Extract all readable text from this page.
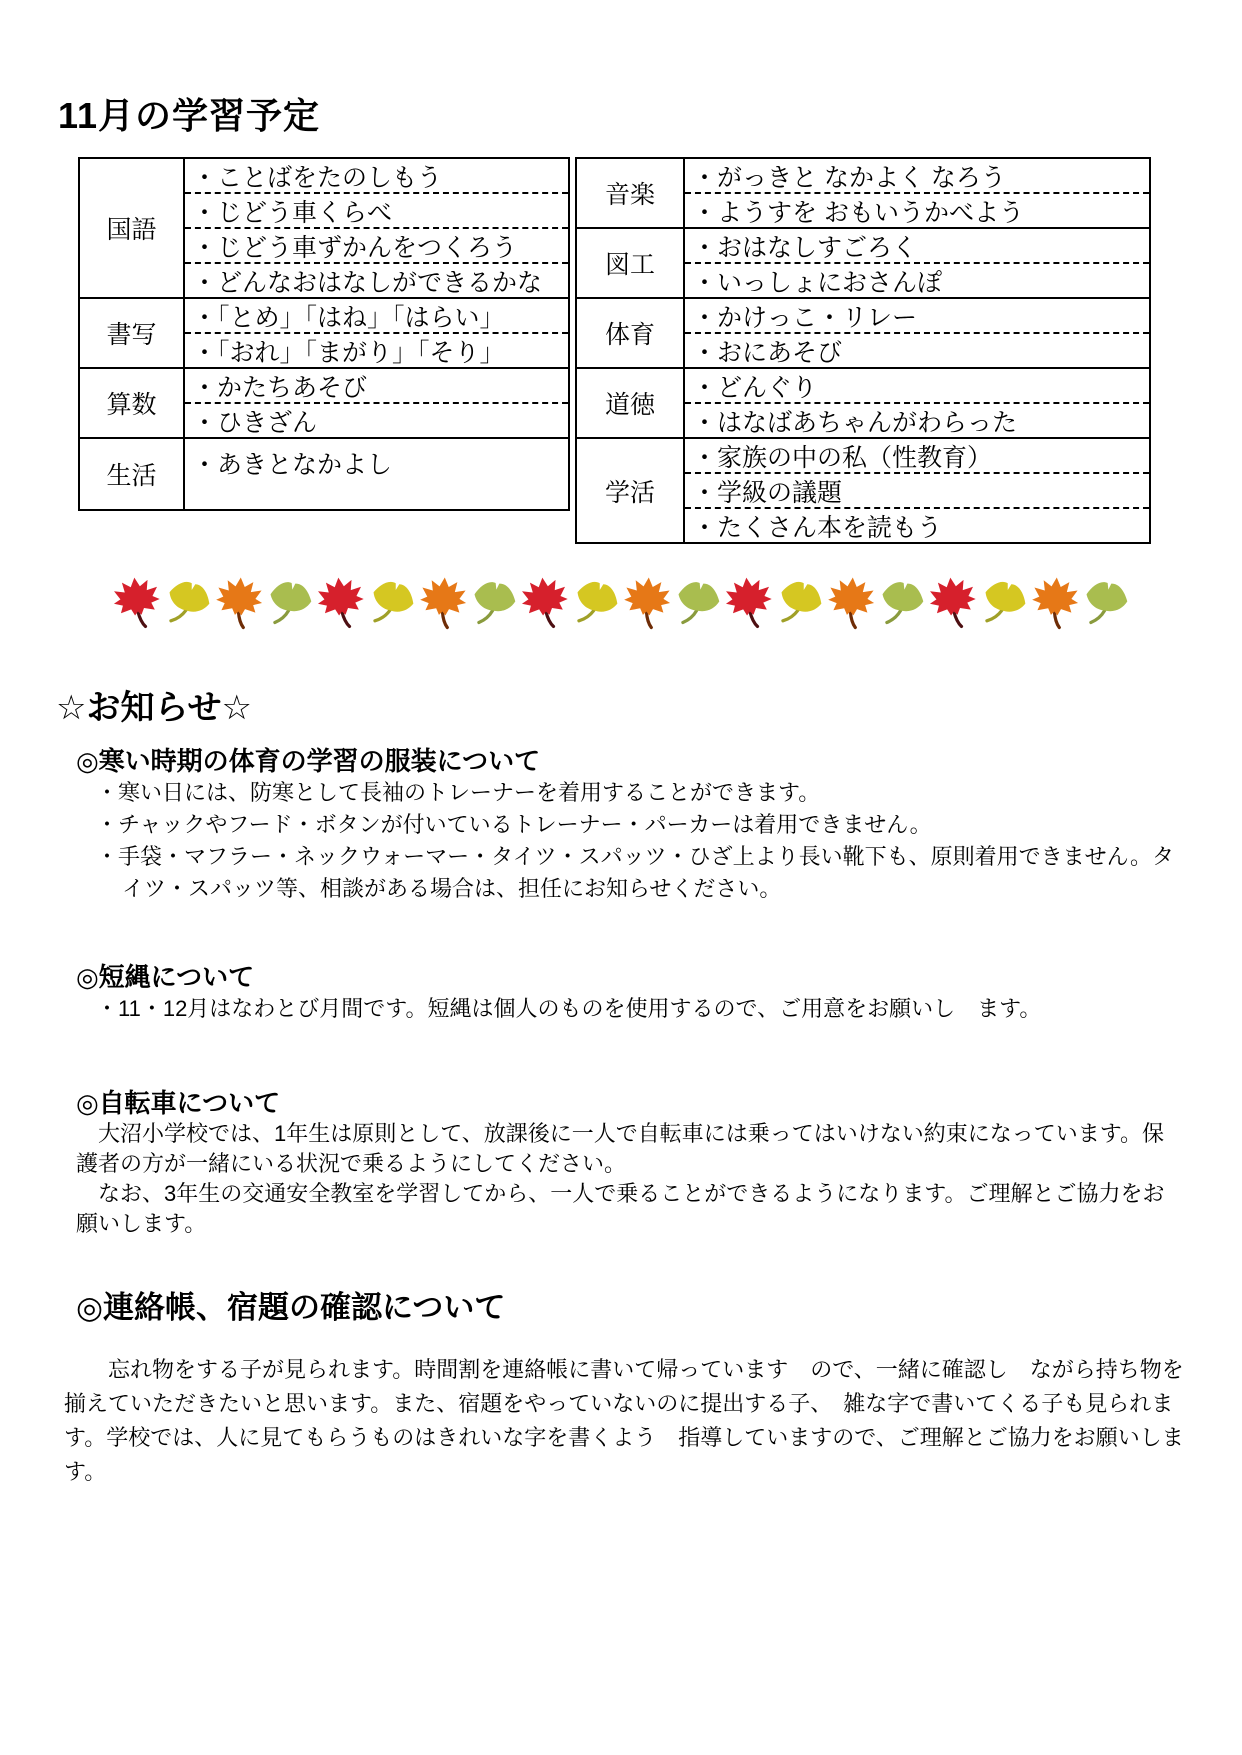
11月の学習予定
国語	・ことばをたのしもう
・じどう車くらべ
・じどう車ずかんをつくろう
・どんなおはなしができるかな

書写	・「とめ」「はね」「はらい」
・「おれ」「まがり」「そり」

算数	・かたちあそび
・ひきざん

生活	・あきとなかよし
音楽	・がっきと なかよく なろう
・ようすを おもいうかべよう

図工	・おはなしすごろく
・いっしょにおさんぽ

体育	・かけっこ・リレー
・おにあそび

道徳	・どんぐり
・はなばあちゃんがわらった

学活	・家族の中の私（性教育）
・学級の議題
・たくさん本を読もう
☆お知らせ☆
◎寒い時期の体育の学習の服装について

・寒い日には、防寒として長袖のトレーナーを着用することができます。

・チャックやフード・ボタンが付いているトレーナー・パーカーは着用できません。

・手袋・マフラー・ネックウォーマー・タイツ・スパッツ・ひざ上より長い靴下も、原則着用できません。タイツ・スパッツ等、相談がある場合は、担任にお知らせください。

◎短縄について

・11・12月はなわとび月間です。短縄は個人のものを使用するので、ご用意をお願いし　ます。

◎自転車について

　大沼小学校では、1年生は原則として、放課後に一人で自転車には乗ってはいけない約束になっています。保護者の方が一緒にいる状況で乗るようにしてください。

　なお、3年生の交通安全教室を学習してから、一人で乗ることができるようになります。ご理解とご協力をお願いします。

◎連絡帳、宿題の確認について

　　忘れ物をする子が見られます。時間割を連絡帳に書いて帰っています　ので、一緒に確認し　ながら持ち物を揃えていただきたいと思います。また、宿題をやっていないのに提出する子、　雑な字で書いてくる子も見られます。学校では、人に見てもらうものはきれいな字を書くよう　指導していますので、ご理解とご協力をお願いします。
